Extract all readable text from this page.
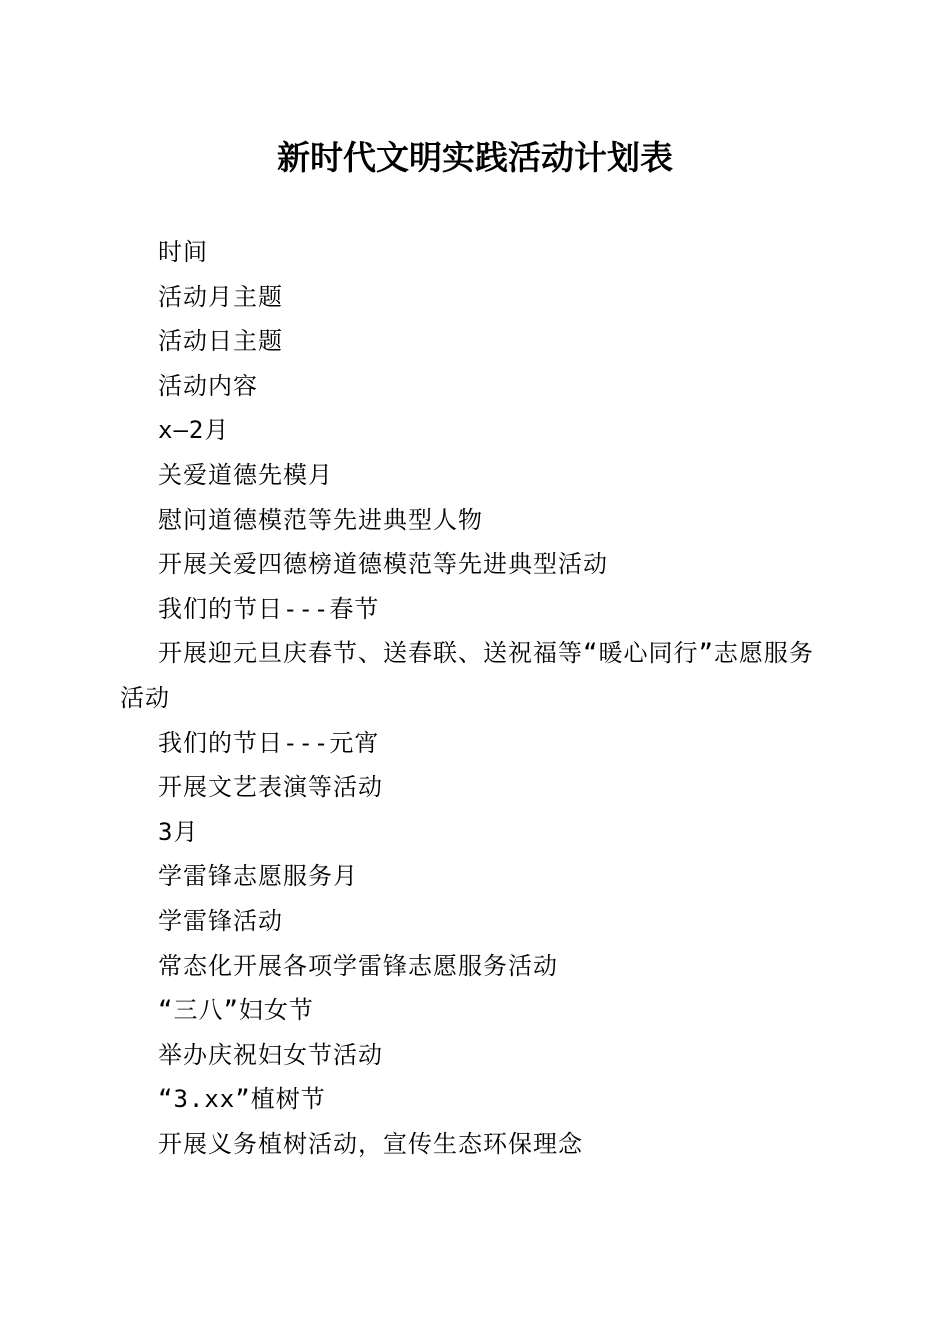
新时代文明实践活动计划表

时间

活动月主题

活动日主题

活动内容

x—2月

关爱道德先模月

慰问道德模范等先进典型人物

开展关爱四德榜道德模范等先进典型活动

我们的节日---春节

开展迎元旦庆春节、送春联、送祝福等“暖心同行”志愿服务活动

我们的节日---元宵

开展文艺表演等活动

3月

学雷锋志愿服务月

学雷锋活动

常态化开展各项学雷锋志愿服务活动

“三八”妇女节

举办庆祝妇女节活动

“3.xx”植树节

开展义务植树活动，宣传生态环保理念
